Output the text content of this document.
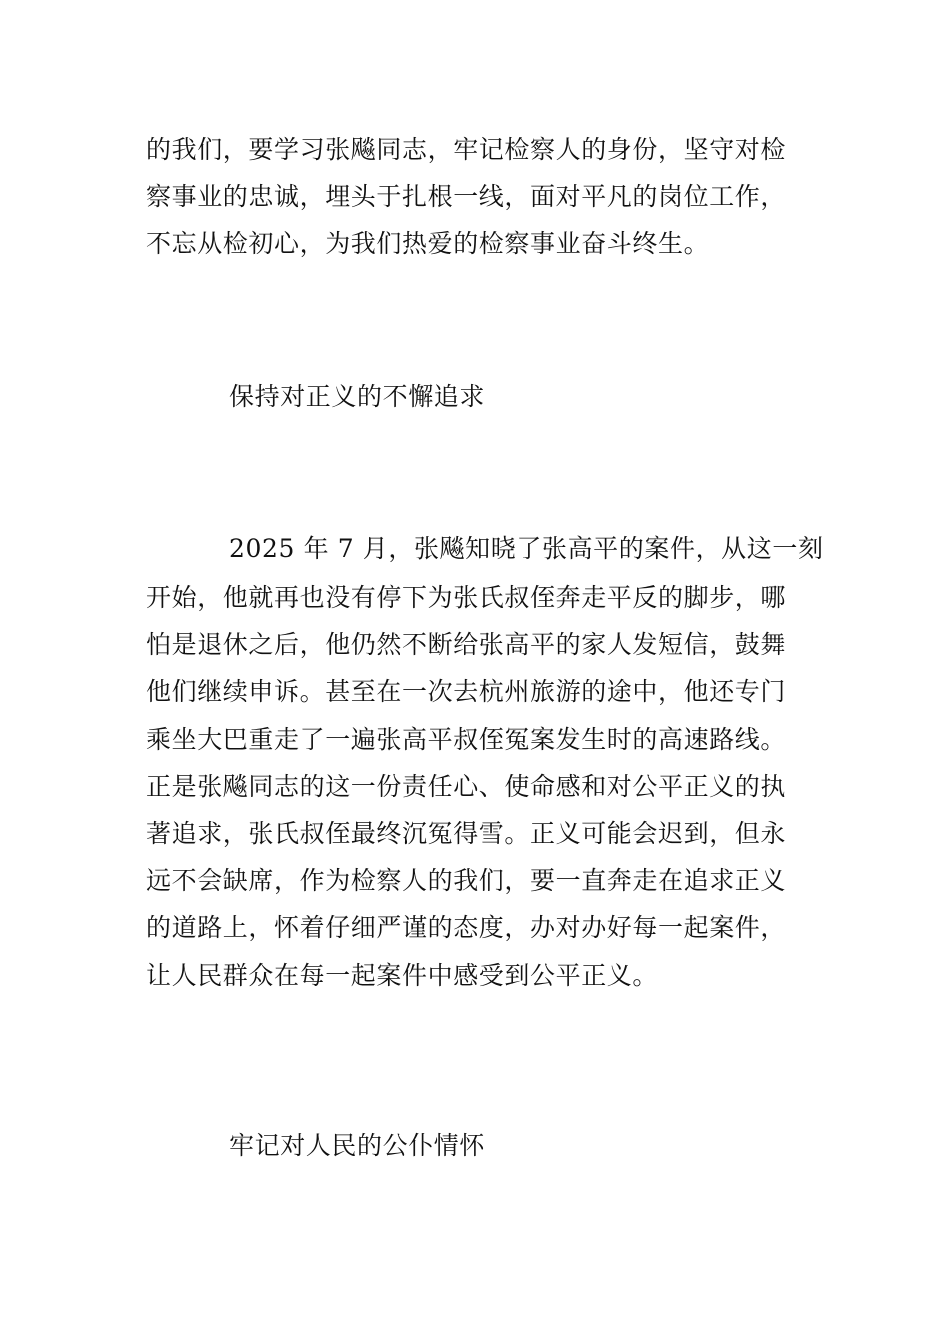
的我们，要学习张飚同志，牢记检察人的身份，坚守对检
察事业的忠诚，埋头于扎根一线，面对平凡的岗位工作，
不忘从检初心，为我们热爱的检察事业奋斗终生。
保持对正义的不懈追求
2025 年 7 月，张飚知晓了张高平的案件，从这一刻
开始，他就再也没有停下为张氏叔侄奔走平反的脚步，哪
怕是退休之后，他仍然不断给张高平的家人发短信，鼓舞
他们继续申诉。甚至在一次去杭州旅游的途中，他还专门
乘坐大巴重走了一遍张高平叔侄冤案发生时的高速路线。
正是张飚同志的这一份责任心、使命感和对公平正义的执
著追求，张氏叔侄最终沉冤得雪。正义可能会迟到，但永
远不会缺席，作为检察人的我们，要一直奔走在追求正义
的道路上，怀着仔细严谨的态度，办对办好每一起案件，
让人民群众在每一起案件中感受到公平正义。
牢记对人民的公仆情怀
